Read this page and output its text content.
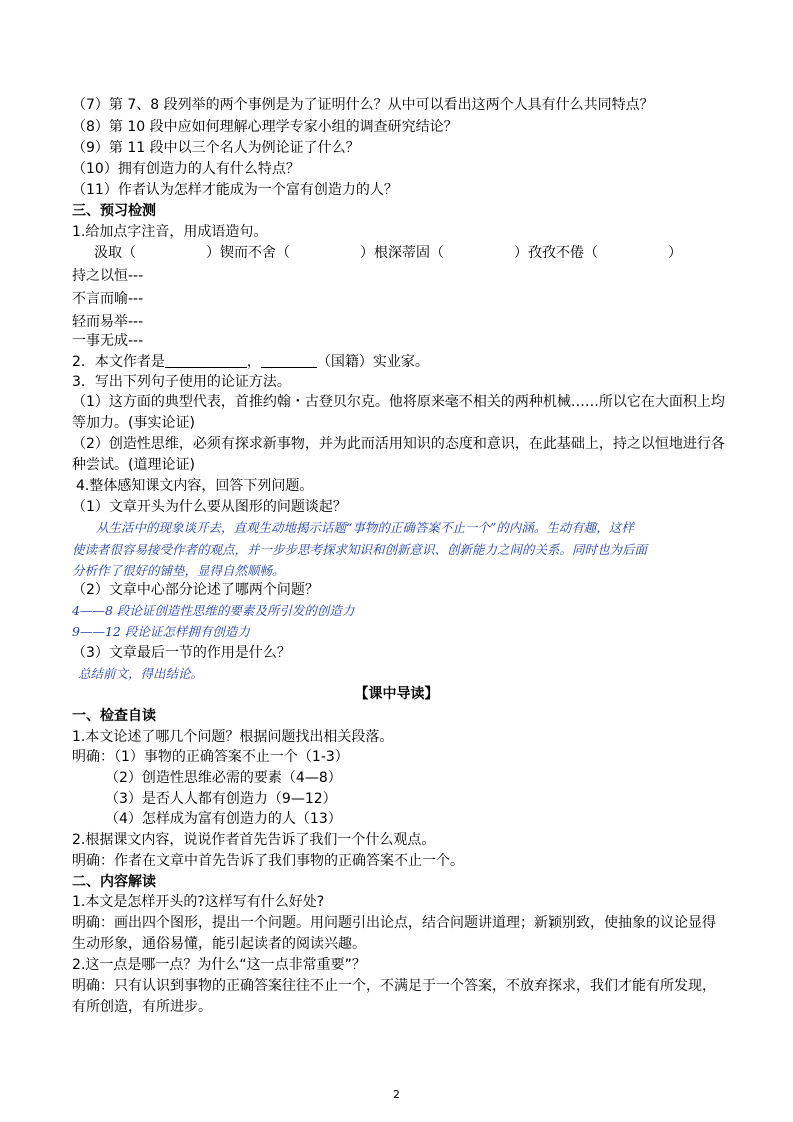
（7）第 7、8 段列举的两个事例是为了证明什么？从中可以看出这两个人具有什么共同特点？
（8）第 10 段中应如何理解心理学专家小组的调查研究结论？
（9）第 11 段中以三个名人为例论证了什么？
（10）拥有创造力的人有什么特点？
（11）作者认为怎样才能成为一个富有创造力的人？
三、预习检测
1.给加点字注音，用成语造句。
汲取（　　　　　）锲而不舍（　　　　　）根深蒂固（　　　　　）孜孜不倦（　　　　　）
持之以恒---
不言而喻---
轻而易举---
一事无成---
2．本文作者是	，	（国籍）实业家。
3．写出下列句子使用的论证方法。
（1）这方面的典型代表，首推约翰・古登贝尔克。他将原来毫不相关的两种机械……所以它在大面积上均
等加力。(事实论证)
（2）创造性思维，必须有探求新事物，并为此而活用知识的态度和意识，在此基础上，持之以恒地进行各
种尝试。(道理论证)
4.整体感知课文内容，回答下列问题。
（1）文章开头为什么要从图形的问题谈起？
从生活中的现象谈开去，直观生动地揭示话题“事物的正确答案不止一个”的内涵。生动有趣，这样
使读者很容易接受作者的观点，并一步步思考探求知识和创新意识、创新能力之间的关系。同时也为后面
分析作了很好的铺垫，显得自然顺畅。
（2）文章中心部分论述了哪两个问题？
4——8 段论证创造性思维的要素及所引发的创造力
9——12 段论证怎样拥有创造力
（3）文章最后一节的作用是什么？
总结前文，得出结论。
【课中导读】
一、检查自读
1.本文论述了哪几个问题？根据问题找出相关段落。
明确：（1）事物的正确答案不止一个（1-3）
（2）创造性思维必需的要素（4—8）
（3）是否人人都有创造力（9—12）
（4）怎样成为富有创造力的人（13）
2.根据课文内容，说说作者首先告诉了我们一个什么观点。
明确：作者在文章中首先告诉了我们事物的正确答案不止一个。
二、内容解读
1.本文是怎样开头的?这样写有什么好处?
明确：画出四个图形，提出一个问题。用问题引出论点，结合问题讲道理；新颖别致，使抽象的议论显得
生动形象，通俗易懂，能引起读者的阅读兴趣。
2.这一点是哪一点？为什么“这一点非常重要”？
明确：只有认识到事物的正确答案往往不止一个，不满足于一个答案，不放弃探求，我们才能有所发现，
有所创造，有所进步。
2
